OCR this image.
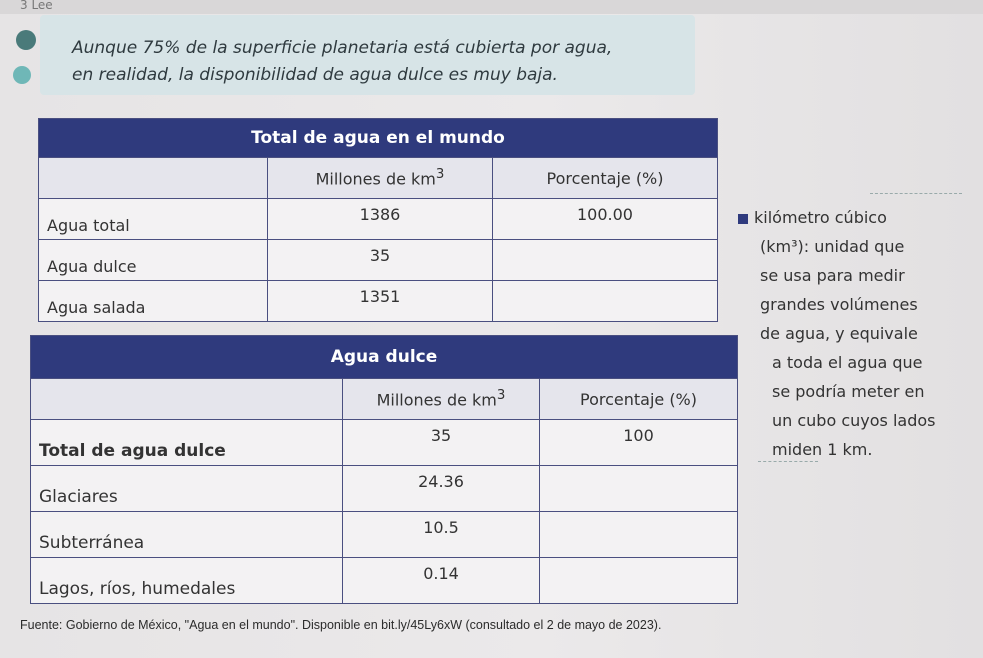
3 Lee
Aunque 75% de la superficie planetaria está cubierta por agua,
en realidad, la disponibilidad de agua dulce es muy baja.
Total de agua en el mundo		
	Millones de $km^3$	Porcentaje (%)
Agua total	1386	100.00
Agua dulce	35	
Agua salada	1351	
Agua dulce		
	Millones de $km^3$	Porcentaje (%)
Total de agua dulce	35	100
Glaciares	24.36	
Subterránea	10.5	
Lagos, ríos, humedales	0.14	
kilómetro cúbico
(km³): unidad que
se usa para medir
grandes volúmenes
de agua, y equivale
a toda el agua que
se podría meter en
un cubo cuyos lados
miden 1 km.
Fuente: Gobierno de México, "Agua en el mundo". Disponible en bit.ly/45Ly6xW (consultado el 2 de mayo de 2023).
